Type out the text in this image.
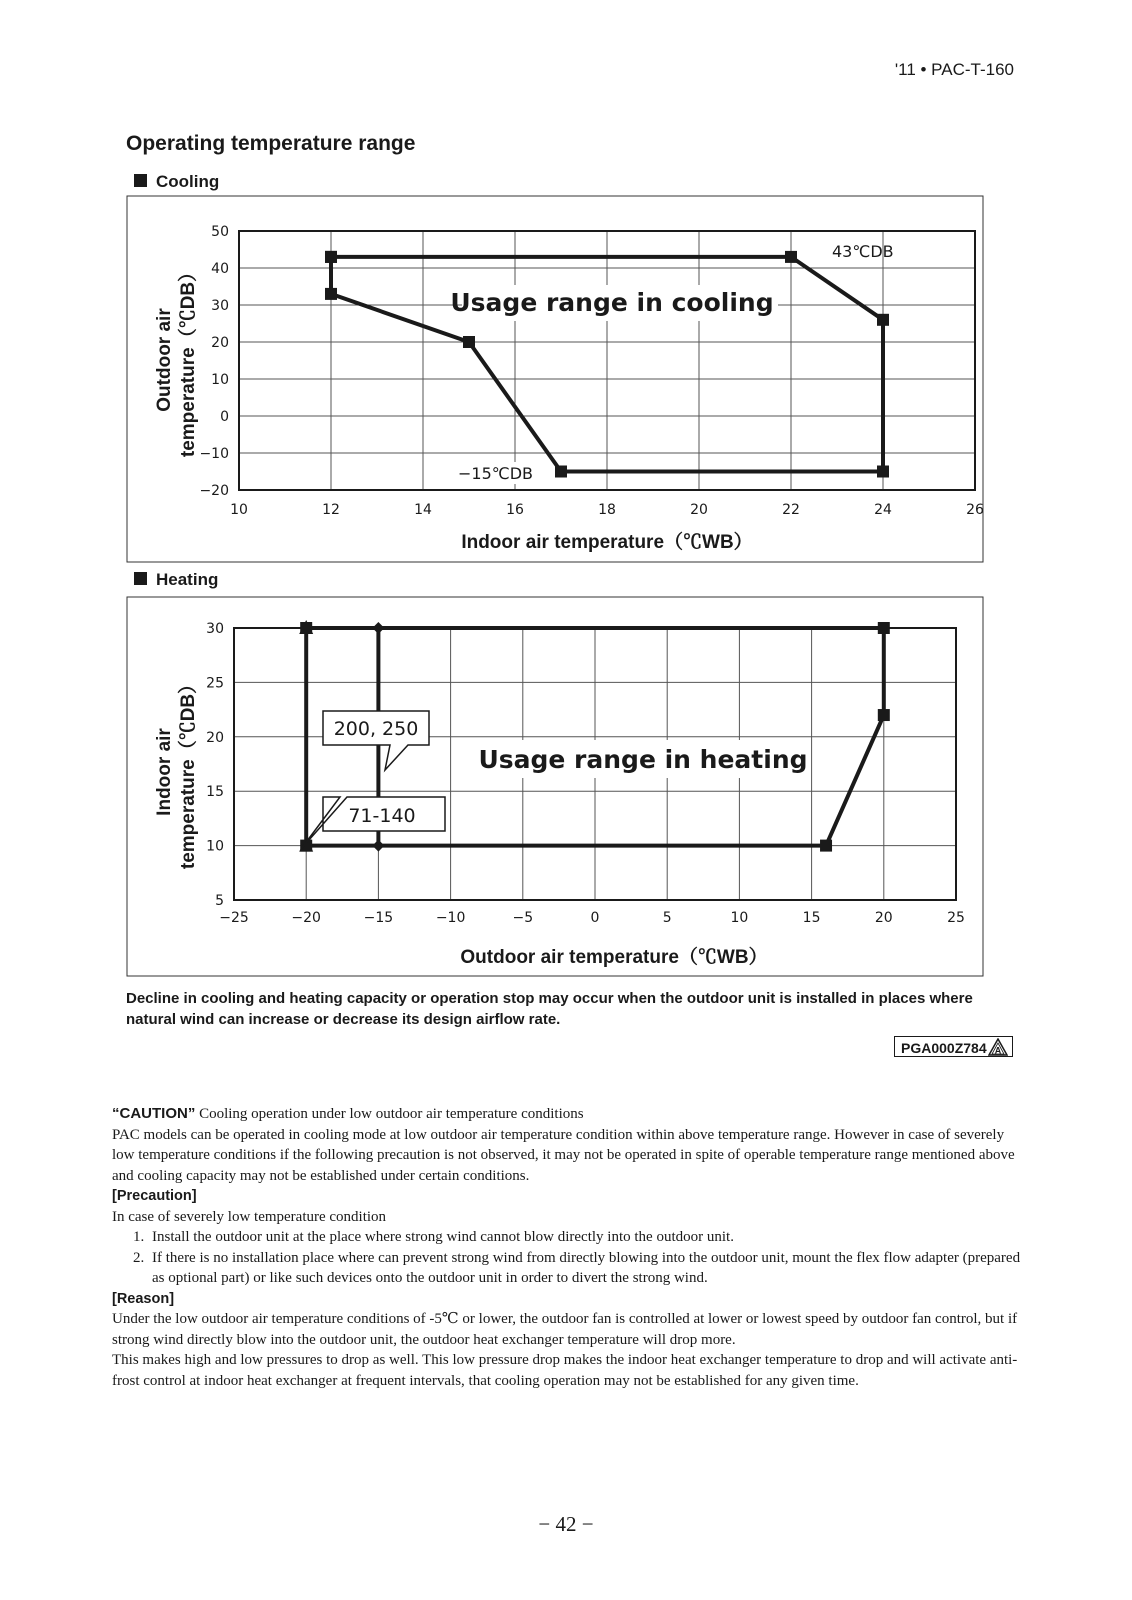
'11 • PAC-T-160
Operating temperature range
Cooling
50
40
30
20
10
0
−10
−20
10	12	14	16	18	20	22	24	26
Usage range in cooling
43℃DB
−15℃DB
Indoor air temperature（℃WB）
Outdoor air temperature（℃DB）
30
25
20
15
10
5
−25	−20	−15	−10	−5	0	5	10	15	20	25
Usage range in heating
200, 250
71-140
Outdoor air temperature（℃WB）
Indoor air temperature（℃DB）
Heating
Decline in cooling and heating capacity or operation stop may occur when the outdoor unit is installed in places where natural wind can increase or decrease its design airflow rate.
PGA000Z784 A

“CAUTION” Cooling operation under low outdoor air temperature conditions

PAC models can be operated in cooling mode at low outdoor air temperature condition within above temperature range. However in case of severely low temperature conditions if the following precaution is not observed, it may not be operated in spite of operable temperature range mentioned above and cooling capacity may not be established under certain conditions.

[Precaution]

In case of severely low temperature condition

1. Install the outdoor unit at the place where strong wind cannot blow directly into the outdoor unit.
2. If there is no installation place where can prevent strong wind from directly blowing into the outdoor unit, mount the flex flow adapter (prepared as optional part) or like such devices onto the outdoor unit in order to divert the strong wind.

[Reason]

Under the low outdoor air temperature conditions of -5℃ or lower, the outdoor fan is controlled at lower or lowest speed by outdoor fan control, but if strong wind directly blow into the outdoor unit, the outdoor heat exchanger temperature will drop more.

This makes high and low pressures to drop as well. This low pressure drop makes the indoor heat exchanger temperature to drop and will activate anti-frost control at indoor heat exchanger at frequent intervals, that cooling operation may not be established for any given time.

− 42 −
